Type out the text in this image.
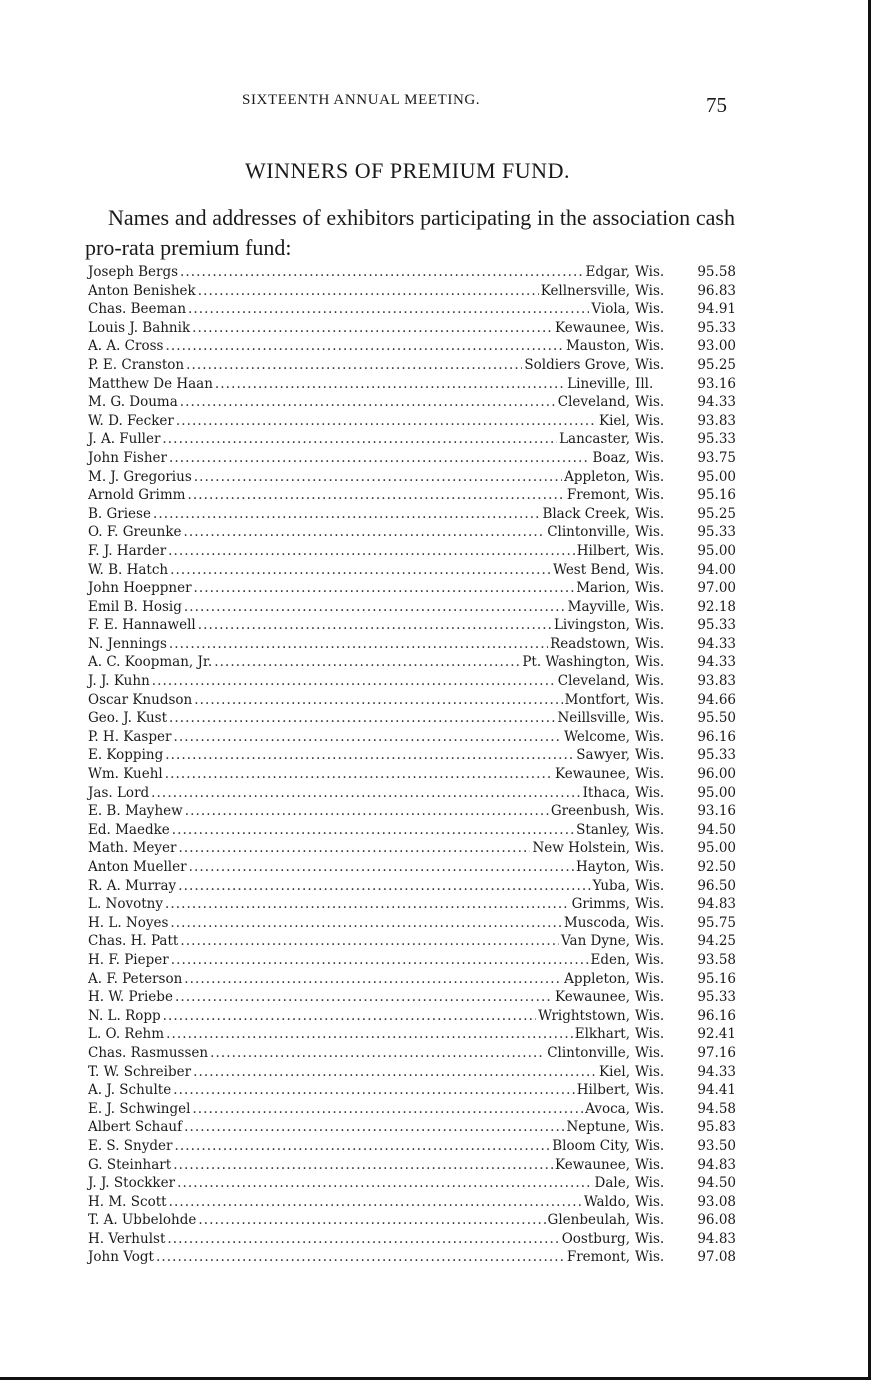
SIXTEENTH ANNUAL MEETING.	75
WINNERS OF PREMIUM FUND.
Names and addresses of exhibitors participating in the association cash pro-rata premium fund:
Joseph Bergs . . .	Edgar, Wis.	95.58
Anton Benishek . . .	Kellnersville, Wis.	96.83
Chas. Beeman . . .	Viola, Wis.	94.91
Louis J. Bahnik . . .	Kewaunee, Wis.	95.33
A. A. Cross . . .	Mauston, Wis.	93.00
P. E. Cranston . . .	Soldiers Grove, Wis.	95.25
Matthew De Haan . . .	Lineville, Ill.	93.16
M. G. Douma . . .	Cleveland, Wis.	94.33
W. D. Fecker . . .	Kiel, Wis.	93.83
J. A. Fuller . . .	Lancaster, Wis.	95.33
John Fisher . . .	Boaz, Wis.	93.75
M. J. Gregorius . . .	Appleton, Wis.	95.00
Arnold Grimm . . .	Fremont, Wis.	95.16
B. Griese . . .	Black Creek, Wis.	95.25
O. F. Greunke . . .	Clintonville, Wis.	95.33
F. J. Harder . . .	Hilbert, Wis.	95.00
W. B. Hatch . . .	West Bend, Wis.	94.00
John Hoeppner . . .	Marion, Wis.	97.00
Emil B. Hosig . . .	Mayville, Wis.	92.18
F. E. Hannawell . . .	Livingston, Wis.	95.33
N. Jennings . . .	Readstown, Wis.	94.33
A. C. Koopman, Jr. . . .	Pt. Washington, Wis.	94.33
J. J. Kuhn . . .	Cleveland, Wis.	93.83
Oscar Knudson . . .	Montfort, Wis.	94.66
Geo. J. Kust . . .	Neillsville, Wis.	95.50
P. H. Kasper . . .	Welcome, Wis.	96.16
E. Kopping . . .	Sawyer, Wis.	95.33
Wm. Kuehl . . .	Kewaunee, Wis.	96.00
Jas. Lord . . .	Ithaca, Wis.	95.00
E. B. Mayhew . . .	Greenbush, Wis.	93.16
Ed. Maedke . . .	Stanley, Wis.	94.50
Math. Meyer . . .	New Holstein, Wis.	95.00
Anton Mueller . . .	Hayton, Wis.	92.50
R. A. Murray . . .	Yuba, Wis.	96.50
L. Novotny . . .	Grimms, Wis.	94.83
H. L. Noyes . . .	Muscoda, Wis.	95.75
Chas. H. Patt . . .	Van Dyne, Wis.	94.25
H. F. Pieper . . .	Eden, Wis.	93.58
A. F. Peterson . . .	Appleton, Wis.	95.16
H. W. Priebe . . .	Kewaunee, Wis.	95.33
N. L. Ropp . . .	Wrightstown, Wis.	96.16
L. O. Rehm . . .	Elkhart, Wis.	92.41
Chas. Rasmussen . . .	Clintonville, Wis.	97.16
T. W. Schreiber . . .	Kiel, Wis.	94.33
A. J. Schulte . . .	Hilbert, Wis.	94.41
E. J. Schwingel . . .	Avoca, Wis.	94.58
Albert Schauf . . .	Neptune, Wis.	95.83
E. S. Snyder . . .	Bloom City, Wis.	93.50
G. Steinhart . . .	Kewaunee, Wis.	94.83
J. J. Stockker . . .	Dale, Wis.	94.50
H. M. Scott . . .	Waldo, Wis.	93.08
T. A. Ubbelohde . . .	Glenbeulah, Wis.	96.08
H. Verhulst . . .	Oostburg, Wis.	94.83
John Vogt . . .	Fremont, Wis.	97.08
